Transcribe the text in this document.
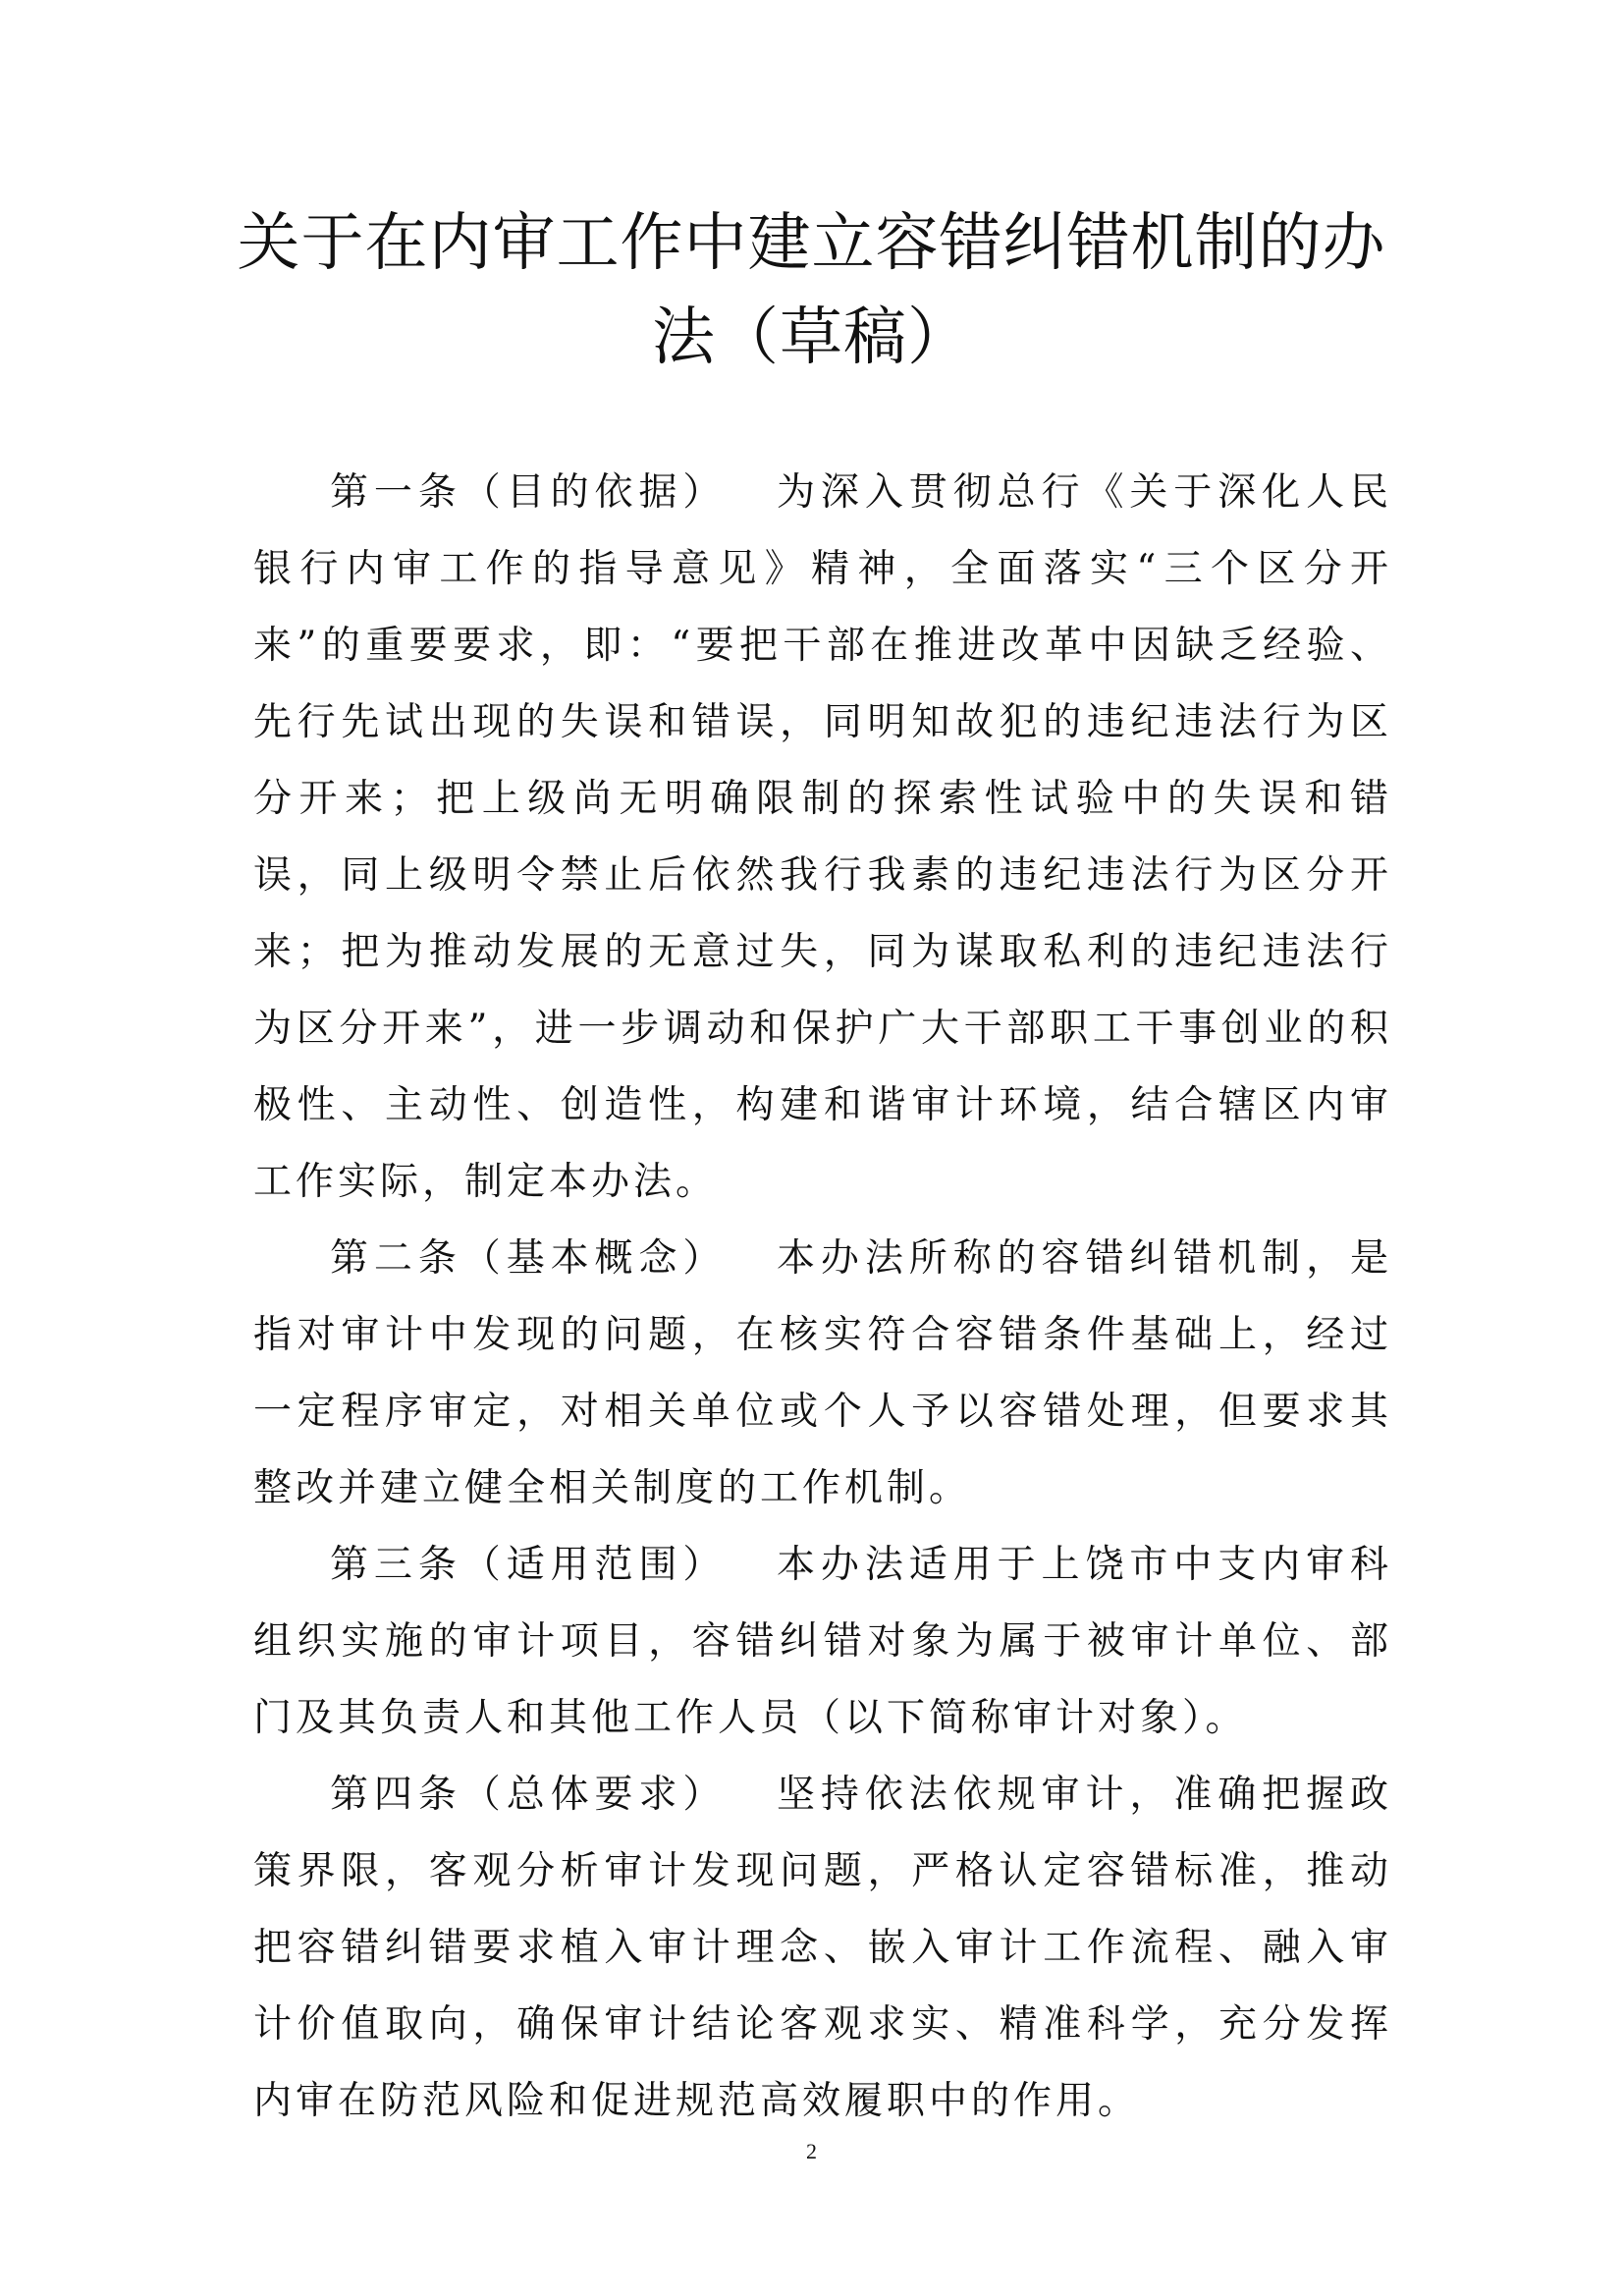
关于在内审工作中建立容错纠错机制的办
法（草稿）

第一条（目的依据） 为深入贯彻总行《关于深化人民银行内审工作的指导意见》精神，全面落实“三个区分开来”的重要要求，即：“要把干部在推进改革中因缺乏经验、先行先试出现的失误和错误，同明知故犯的违纪违法行为区分开来；把上级尚无明确限制的探索性试验中的失误和错误，同上级明令禁止后依然我行我素的违纪违法行为区分开来；把为推动发展的无意过失，同为谋取私利的违纪违法行为区分开来”，进一步调动和保护广大干部职工干事创业的积极性、主动性、创造性，构建和谐审计环境，结合辖区内审工作实际，制定本办法。

第二条（基本概念） 本办法所称的容错纠错机制，是指对审计中发现的问题，在核实符合容错条件基础上，经过一定程序审定，对相关单位或个人予以容错处理，但要求其整改并建立健全相关制度的工作机制。

第三条（适用范围） 本办法适用于上饶市中支内审科组织实施的审计项目，容错纠错对象为属于被审计单位、部门及其负责人和其他工作人员（以下简称审计对象）。

第四条（总体要求） 坚持依法依规审计，准确把握政策界限，客观分析审计发现问题，严格认定容错标准，推动把容错纠错要求植入审计理念、嵌入审计工作流程、融入审计价值取向，确保审计结论客观求实、精准科学，充分发挥内审在防范风险和促进规范高效履职中的作用。

2
